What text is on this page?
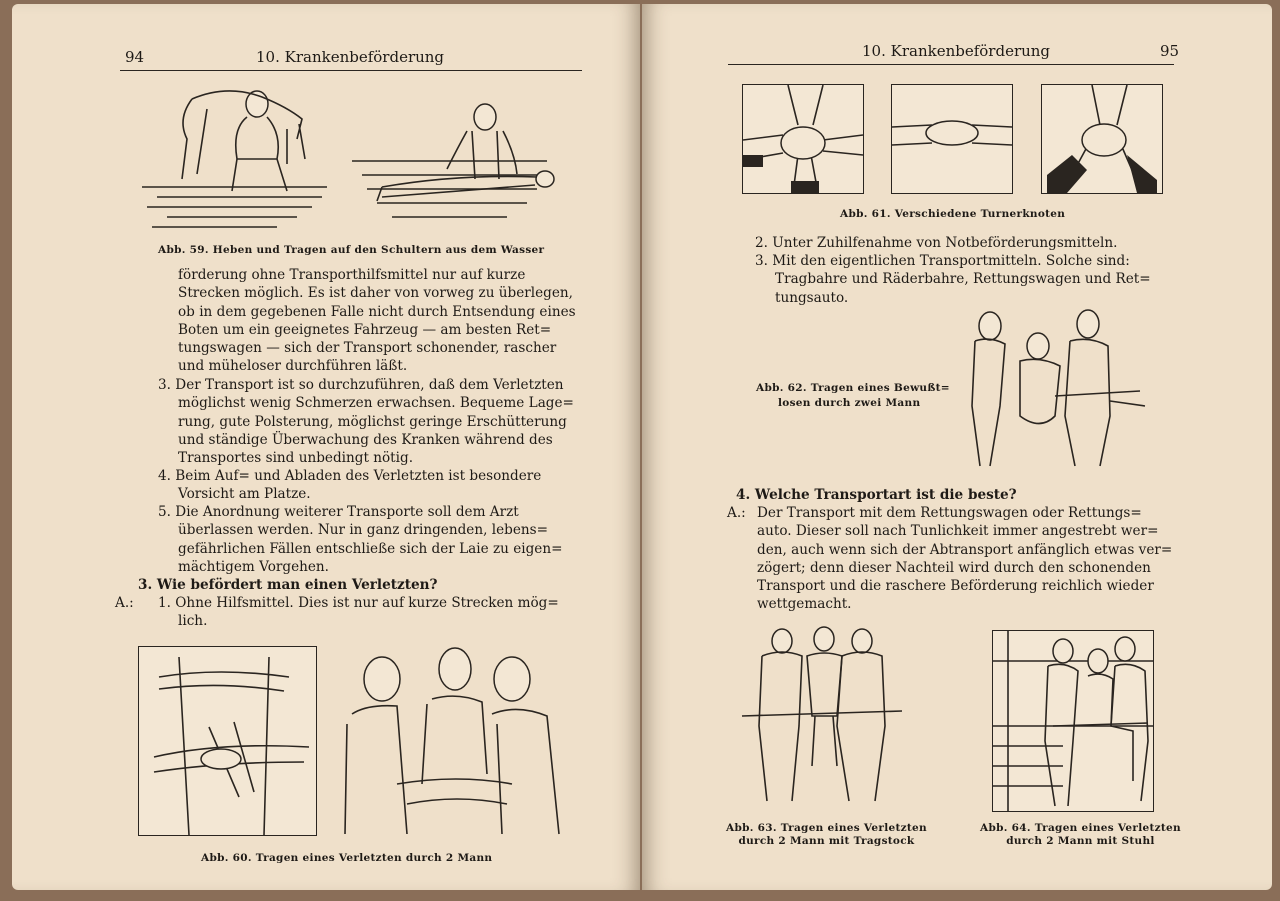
94	10. Krankenbeförderung
Abb. 59. Heben und Tragen auf den Schultern aus dem Wasser
förderung ohne Transporthilfsmittel nur auf kurze
Strecken möglich. Es ist daher von vorweg zu überlegen,
ob in dem gegebenen Falle nicht durch Entsendung eines
Boten um ein geeignetes Fahrzeug — am besten Ret=
tungswagen — sich der Transport schonender, rascher
und müheloser durchführen läßt.
3. Der Transport ist so durchzuführen, daß dem Verletzten
möglichst wenig Schmerzen erwachsen. Bequeme Lage=
rung, gute Polsterung, möglichst geringe Erschütterung
und ständige Überwachung des Kranken während des
Transportes sind unbedingt nötig.
4. Beim Auf= und Abladen des Verletzten ist besondere
Vorsicht am Platze.
5. Die Anordnung weiterer Transporte soll dem Arzt
überlassen werden. Nur in ganz dringenden, lebens=
gefährlichen Fällen entschließe sich der Laie zu eigen=
mächtigem Vorgehen.
3. Wie befördert man einen Verletzten?
A.: 1. Ohne Hilfsmittel. Dies ist nur auf kurze Strecken mög=
lich.
Abb. 60. Tragen eines Verletzten durch 2 Mann
10. Krankenbeförderung	95
Abb. 61. Verschiedene Turnerknoten
2. Unter Zuhilfenahme von Notbeförderungsmitteln.
3. Mit den eigentlichen Transportmitteln. Solche sind:
Tragbahre und Räderbahre, Rettungswagen und Ret=
tungsauto.
Abb. 62. Tragen eines Bewußt=
losen durch zwei Mann
4. Welche Transportart ist die beste?
A.: Der Transport mit dem Rettungswagen oder Rettungs=
auto. Dieser soll nach Tunlichkeit immer angestrebt wer=
den, auch wenn sich der Abtransport anfänglich etwas ver=
zögert; denn dieser Nachteil wird durch den schonenden
Transport und die raschere Beförderung reichlich wieder
wettgemacht.
Abb. 63. Tragen eines Verletzten
durch 2 Mann mit Tragstock
Abb. 64. Tragen eines Verletzten
durch 2 Mann mit Stuhl
